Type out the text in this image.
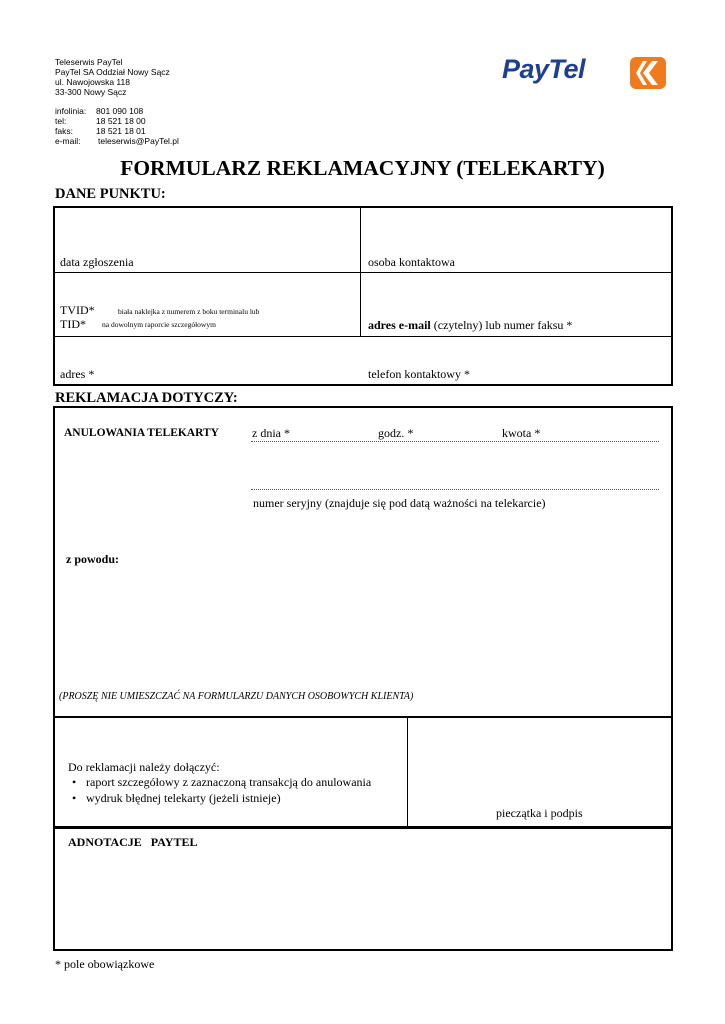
Teleserwis PayTel
PayTel SA Oddział Nowy Sącz
ul. Nawojowska 118
33-300 Nowy Sącz
infolinia: 801 090 108
tel:	18 521 18 00
faks:	18 521 18 01
e-mail: teleserwis@PayTel.pl
PayTel
FORMULARZ REKLAMACYJNY (TELEKARTY)
DANE PUNKTU:
data zgłoszenia	osoba kontaktowa
TVID*
TID*
biała naklejka z numerem z boku terminalu lub
na dowolnym raporcie szczegółowym	adres e-mail (czytelny) lub numer faksu *
adres *	telefon kontaktowy *
REKLAMACJA DOTYCZY:
ANULOWANIA TELEKARTY	z dnia *	godz. *	kwota *
numer seryjny (znajduje się pod datą ważności na telekarcie)
z powodu:
(PROSZĘ NIE UMIESZCZAĆ NA FORMULARZU DANYCH OSOBOWYCH KLIENTA)
Do reklamacji należy dołączyć:
• raport szczegółowy z zaznaczoną transakcją do anulowania
• wydruk błędnej telekarty (jeżeli istnieje)
pieczątka i podpis
ADNOTACJE   PAYTEL
* pole obowiązkowe
